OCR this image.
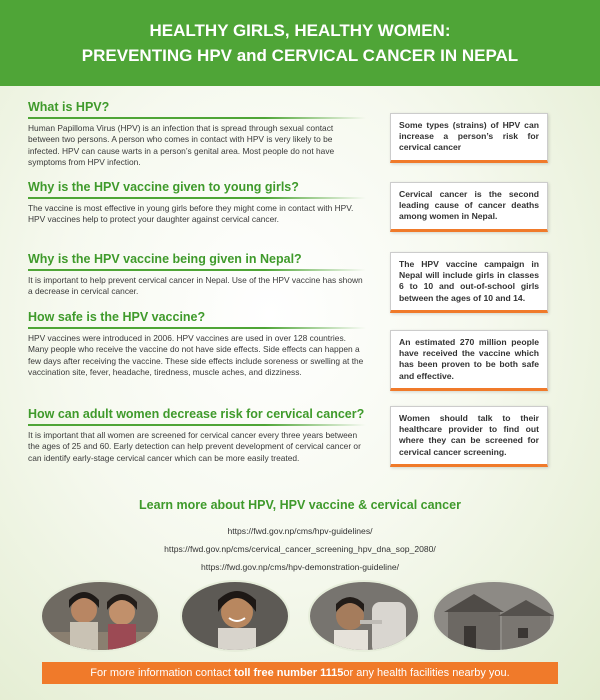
HEALTHY GIRLS, HEALTHY WOMEN:
PREVENTING HPV and CERVICAL CANCER IN NEPAL
What is HPV?
Human Papilloma Virus (HPV) is an infection that is spread through sexual contact between two persons. A person who comes in contact with HPV is very likely to be infected. HPV can cause warts in a person’s genital area. Most people do not have symptoms from HPV infection.
Why is the HPV vaccine given to young girls?
The vaccine is most effective in young girls before they might come in contact with HPV. HPV vaccines help to protect your daughter against cervical cancer.
Why is the HPV vaccine being given in Nepal?
It is important to help prevent cervical cancer in Nepal. Use of the HPV vaccine has shown a decrease in cervical cancer.
How safe is the HPV vaccine?
HPV vaccines were introduced in 2006. HPV vaccines are used in over 128 countries. Many people who receive the vaccine do not have side effects. Side effects can happen a few days after receiving the vaccine. These side effects include soreness or swelling at the vaccination site, fever, headache, tiredness, muscle aches, and dizziness.
How can adult women decrease risk for cervical cancer?
It is important that all women are screened for cervical cancer every three years between the ages of 25 and 60. Early detection can help prevent development of cervical cancer or can identify early-stage cervical cancer which can be more easily treated.
Some types (strains) of HPV can increase a person’s risk for cervical cancer
Cervical cancer is the second leading cause of cancer deaths among women in Nepal.
The HPV vaccine campaign in Nepal will include girls in classes 6 to 10 and out-of-school girls between the ages of 10 and 14.
An estimated 270 million people have received the vaccine which has been proven to be both safe and effective.
Women should talk to their healthcare provider to find out where they can be screened for cervical cancer screening.
Learn more about HPV, HPV vaccine & cervical cancer
https://fwd.gov.np/cms/hpv-guidelines/
https://fwd.gov.np/cms/cervical_cancer_screening_hpv_dna_sop_2080/
https://fwd.gov.np/cms/hpv-demonstration-guideline/
For more information contact
toll free number 1115 or any health facilities nearby you.
